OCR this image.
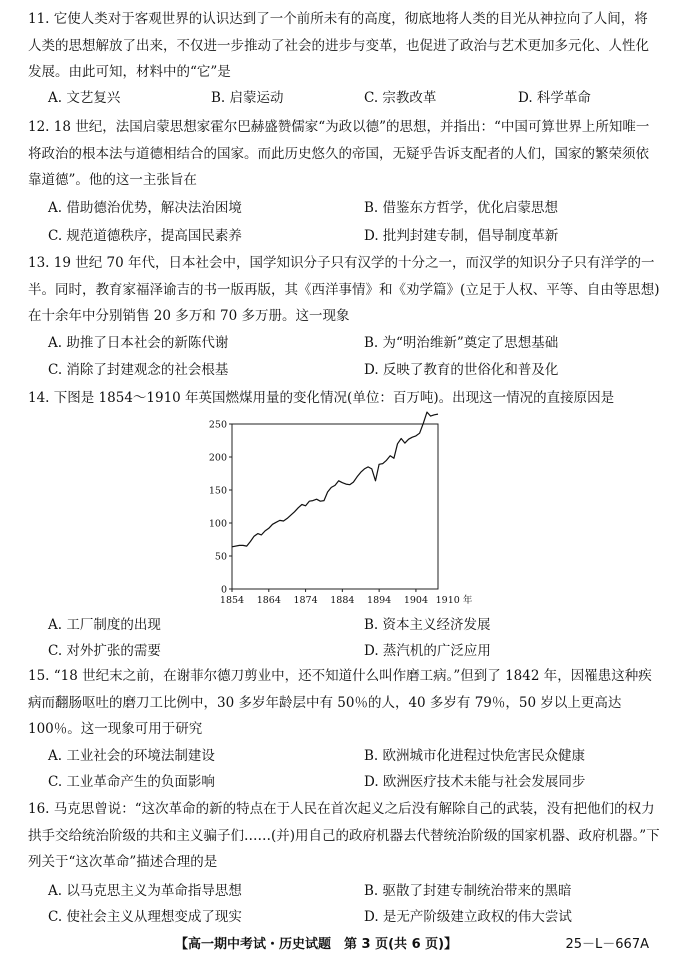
11. 它使人类对于客观世界的认识达到了一个前所未有的高度，彻底地将人类的目光从神拉向了人间，将人类的思想解放了出来，不仅进一步推动了社会的进步与变革，也促进了政治与艺术更加多元化、人性化发展。由此可知，材料中的“它”是
A. 文艺复兴	B. 启蒙运动	C. 宗教改革	D. 科学革命
12. 18 世纪，法国启蒙思想家霍尔巴赫盛赞儒家“为政以德”的思想，并指出：“中国可算世界上所知唯一将政治的根本法与道德相结合的国家。而此历史悠久的帝国，无疑乎告诉支配者的人们，国家的繁荣须依靠道德”。他的这一主张旨在
A. 借助德治优势，解决法治困境	B. 借鉴东方哲学，优化启蒙思想
C. 规范道德秩序，提高国民素养	D. 批判封建专制，倡导制度革新
13. 19 世纪 70 年代，日本社会中，国学知识分子只有汉学的十分之一，而汉学的知识分子只有洋学的一半。同时，教育家福泽谕吉的书一版再版，其《西洋事情》和《劝学篇》(立足于人权、平等、自由等思想)在十余年中分别销售 20 多万和 70 多万册。这一现象
A. 助推了日本社会的新陈代谢	B. 为“明治维新”奠定了思想基础
C. 消除了封建观念的社会根基	D. 反映了教育的世俗化和普及化
14. 下图是 1854～1910 年英国燃煤用量的变化情况(单位：百万吨)。出现这一情况的直接原因是
0
50
100
150
200
250
1854 1864 1874 1884 1894 1904 1910 年
A. 工厂制度的出现	B. 资本主义经济发展
C. 对外扩张的需要	D. 蒸汽机的广泛应用
15. “18 世纪末之前，在谢菲尔德刀剪业中，还不知道什么叫作磨工病。”但到了 1842 年，因罹患这种疾病而翻肠呕吐的磨刀工比例中，30 多岁年龄层中有 50％的人，40 多岁有 79％，50 岁以上更高达 100％。这一现象可用于研究
A. 工业社会的环境法制建设	B. 欧洲城市化进程过快危害民众健康
C. 工业革命产生的负面影响	D. 欧洲医疗技术未能与社会发展同步
16. 马克思曾说：“这次革命的新的特点在于人民在首次起义之后没有解除自己的武装，没有把他们的权力拱手交给统治阶级的共和主义骗子们……(并)用自己的政府机器去代替统治阶级的国家机器、政府机器。”下列关于“这次革命”描述合理的是
A. 以马克思主义为革命指导思想	B. 驱散了封建专制统治带来的黑暗
C. 使社会主义从理想变成了现实	D. 是无产阶级建立政权的伟大尝试
【高一期中考试・历史试题　第 3 页(共 6 页)】	25－L－667A
